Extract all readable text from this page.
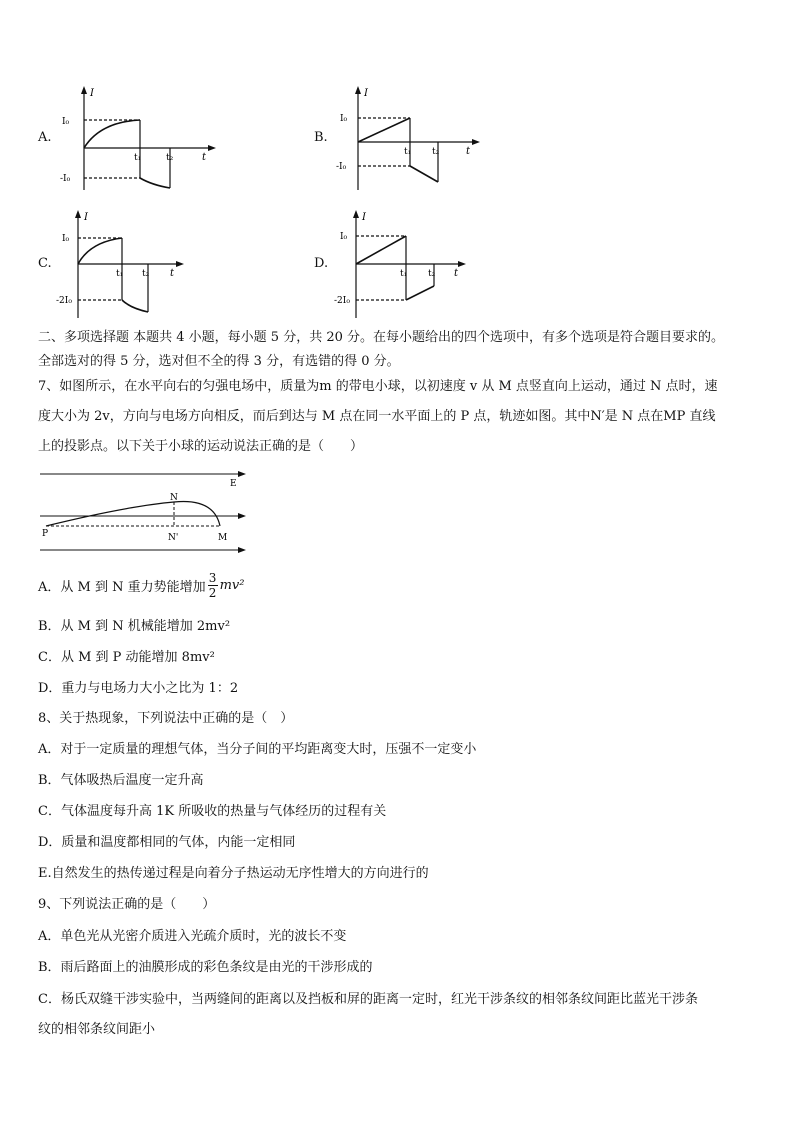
A.
I
I₀
-I₀
t₁	t₂	t
B.
I
I₀
-I₀
t₁ t₂	t
C.
I
I₀
-2I₀
t₁ t₂ t
D.
I
I₀
-2I₀
t₁ t₂ t
二、多项选择题 本题共 4 小题，每小题 5 分，共 20 分。在每小题给出的四个选项中，有多个选项是符合题目要求的。
全部选对的得 5 分，选对但不全的得 3 分，有选错的得 0 分。
7、如图所示，在水平向右的匀强电场中，质量为m 的带电小球，以初速度 v 从 M 点竖直向上运动，通过 N 点时，速
度大小为 2v，方向与电场方向相反，而后到达与 M 点在同一水平面上的 P 点，轨迹如图。其中N′是 N 点在MP 直线
上的投影点。以下关于小球的运动说法正确的是（　　）
E
N
P	N'	M
A．从 M 到 N 重力势能增加
3
2 mv²
B．从 M 到 N 机械能增加 2mv²
C．从 M 到 P 动能增加 8mv²
D．重力与电场力大小之比为 1：2
8、关于热现象，下列说法中正确的是（　）
A．对于一定质量的理想气体，当分子间的平均距离变大时，压强不一定变小
B．气体吸热后温度一定升高
C．气体温度每升高 1K 所吸收的热量与气体经历的过程有关
D．质量和温度都相同的气体，内能一定相同
E.自然发生的热传递过程是向着分子热运动无序性增大的方向进行的
9、下列说法正确的是（　　）
A．单色光从光密介质进入光疏介质时，光的波长不变
B．雨后路面上的油膜形成的彩色条纹是由光的干涉形成的
C．杨氏双缝干涉实验中，当两缝间的距离以及挡板和屏的距离一定时，红光干涉条纹的相邻条纹间距比蓝光干涉条
纹的相邻条纹间距小
